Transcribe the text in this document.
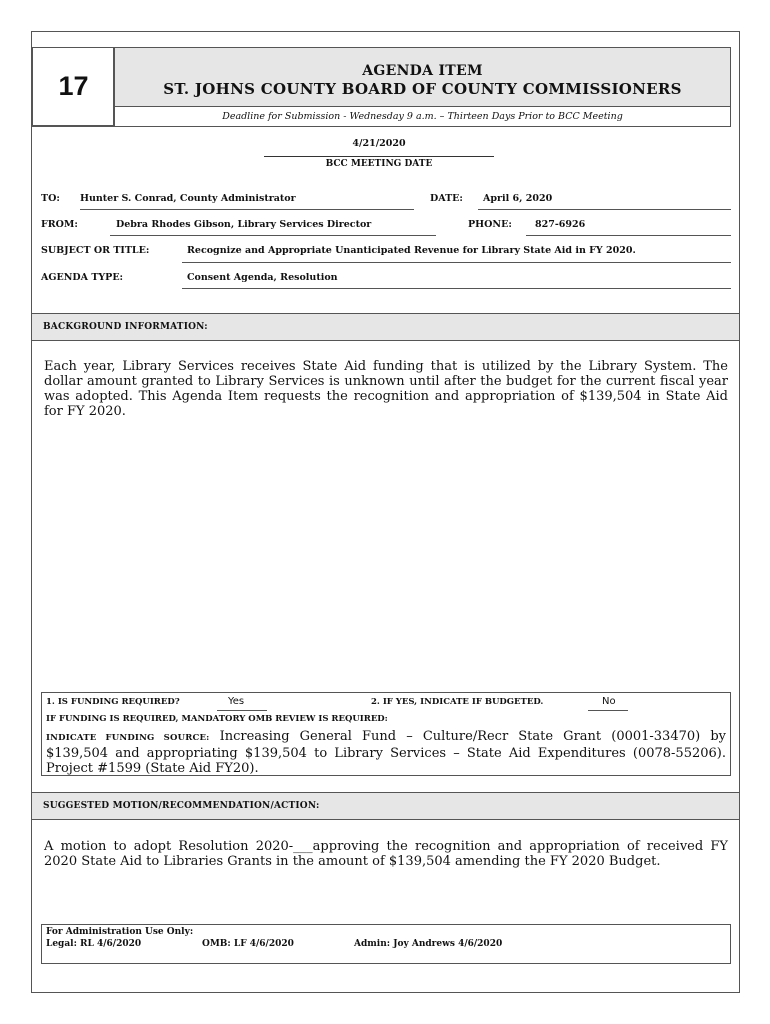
17	AGENDA ITEM
ST. JOHNS COUNTY BOARD OF COUNTY COMMISSIONERS
Deadline for Submission - Wednesday 9 a.m. – Thirteen Days Prior to BCC Meeting
4/21/2020
BCC MEETING DATE
TO: Hunter S. Conrad, County Administrator	DATE: April 6, 2020
FROM:	Debra Rhodes Gibson, Library Services Director	PHONE: 827-6926
SUBJECT OR TITLE:	Recognize and Appropriate Unanticipated Revenue for Library State Aid in FY 2020.
AGENDA TYPE:	Consent Agenda, Resolution
BACKGROUND INFORMATION:
Each year, Library Services receives State Aid funding that is utilized by the Library System. The dollar amount granted to Library Services is unknown until after the budget for the current fiscal year was adopted. This Agenda Item requests the recognition and appropriation of $139,504 in State Aid for FY 2020.
1. IS FUNDING REQUIRED?	Yes	2. IF YES, INDICATE IF BUDGETED.	No
IF FUNDING IS REQUIRED, MANDATORY OMB REVIEW IS REQUIRED:
INDICATE FUNDING SOURCE: Increasing General Fund – Culture/Recr State Grant (0001-33470) by $139,504 and appropriating $139,504 to Library Services – State Aid Expenditures (0078-55206). Project #1599 (State Aid FY20).
SUGGESTED MOTION/RECOMMENDATION/ACTION:
A motion to adopt Resolution 2020-___approving the recognition and appropriation of received FY 2020 State Aid to Libraries Grants in the amount of $139,504 amending the FY 2020 Budget.
For Administration Use Only:
Legal: RL 4/6/2020	OMB: LF 4/6/2020	Admin: Joy Andrews 4/6/2020
